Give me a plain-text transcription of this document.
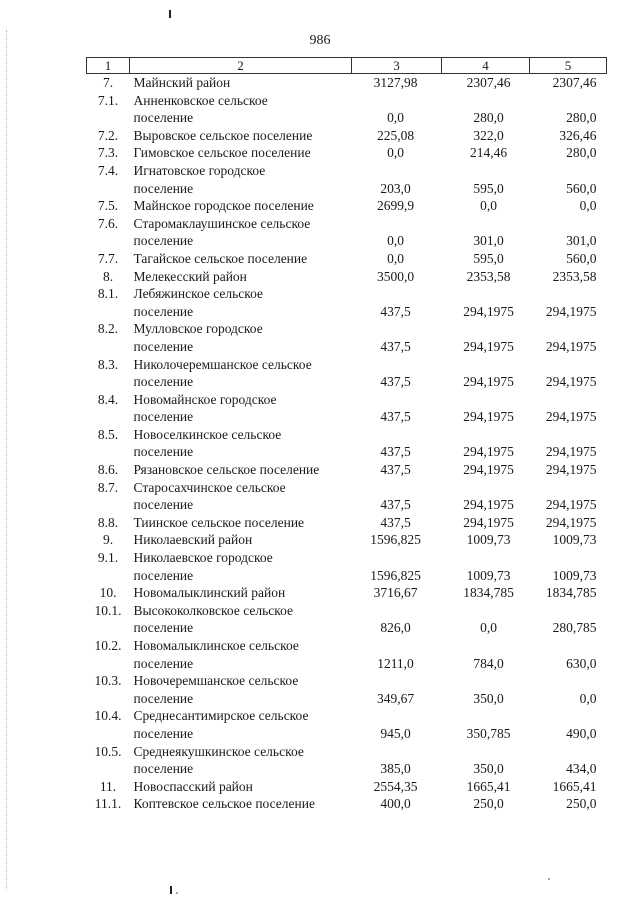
986
1	2	3	4	5
7.	Майнский район	3127,98	2307,46	2307,46
7.1.	Анненковское сельское			
	поселение	0,0	280,0	280,0
7.2.	Выровское сельское поселение	225,08	322,0	326,46
7.3.	Гимовское сельское поселение	0,0	214,46	280,0
7.4.	Игнатовское городское			
	поселение	203,0	595,0	560,0
7.5.	Майнское городское поселение	2699,9	0,0	0,0
7.6.	Старомаклаушинское сельское			
	поселение	0,0	301,0	301,0
7.7.	Тагайское сельское поселение	0,0	595,0	560,0
8.	Мелекесский район	3500,0	2353,58	2353,58
8.1.	Лебяжинское сельское			
	поселение	437,5	294,1975	294,1975
8.2.	Мулловское городское			
	поселение	437,5	294,1975	294,1975
8.3.	Николочеремшанское сельское			
	поселение	437,5	294,1975	294,1975
8.4.	Новомайнское городское			
	поселение	437,5	294,1975	294,1975
8.5.	Новоселкинское сельское			
	поселение	437,5	294,1975	294,1975
8.6.	Рязановское сельское поселение	437,5	294,1975	294,1975
8.7.	Старосахчинское сельское			
	поселение	437,5	294,1975	294,1975
8.8.	Тиинское сельское поселение	437,5	294,1975	294,1975
9.	Николаевский район	1596,825	1009,73	1009,73
9.1.	Николаевское городское			
	поселение	1596,825	1009,73	1009,73
10.	Новомалыклинский район	3716,67	1834,785	1834,785
10.1.	Высококолковское сельское			
	поселение	826,0	0,0	280,785
10.2.	Новомалыклинское сельское			
	поселение	1211,0	784,0	630,0
10.3.	Новочеремшанское сельское			
	поселение	349,67	350,0	0,0
10.4.	Среднесантимирское сельское			
	поселение	945,0	350,785	490,0
10.5.	Среднеякушкинское сельское			
	поселение	385,0	350,0	434,0
11.	Новоспасский район	2554,35	1665,41	1665,41
11.1.	Коптевское сельское поселение	400,0	250,0	250,0
